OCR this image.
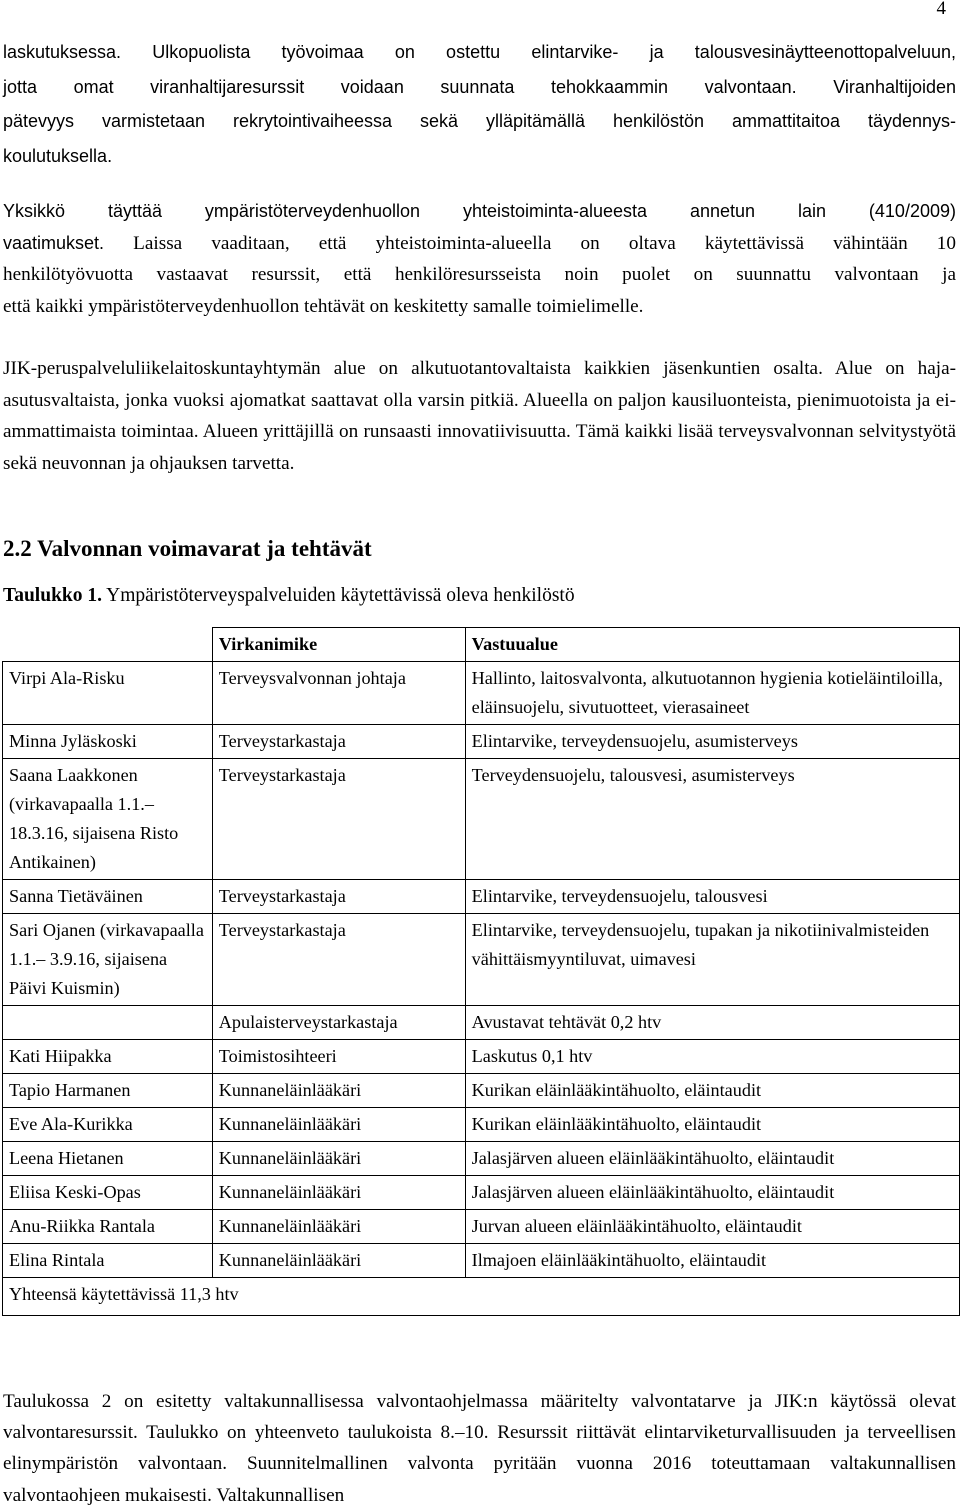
4
laskutuksessa. Ulkopuolista työvoimaa on ostettu elintarvike- ja talousvesinäytteenottopalveluun,
jotta omat viranhaltijaresurssit voidaan suunnata tehokkaammin valvontaan. Viranhaltijoiden
pätevyys varmistetaan rekrytointivaiheessa sekä ylläpitämällä henkilöstön ammattitaitoa täydennys-
koulutuksella.
Yksikkö täyttää ympäristöterveydenhuollon yhteistoiminta-alueesta annetun lain (410/2009)
vaatimukset. Laissa vaaditaan, että yhteistoiminta-alueella on oltava käytettävissä vähintään 10
henkilötyövuotta vastaavat resurssit, että henkilöresursseista noin puolet on suunnattu valvontaan ja
että kaikki ympäristöterveydenhuollon tehtävät on keskitetty samalle toimielimelle.

JIK-peruspalveluliikelaitoskuntayhtymän alue on alkutuotantovaltaista kaikkien jäsenkuntien osalta. Alue on haja-asutusvaltaista, jonka vuoksi ajomatkat saattavat olla varsin pitkiä. Alueella on paljon kausiluonteista, pienimuotoista ja ei-ammattimaista toimintaa. Alueen yrittäjillä on runsaasti innovatiivisuutta. Tämä kaikki lisää terveysvalvonnan selvitystyötä sekä neuvonnan ja ohjauksen tarvetta.

2.2 Valvonnan voimavarat ja tehtävät

Taulukko 1. Ympäristöterveyspalveluiden käytettävissä oleva henkilöstö

	Virkanimike	Vastuualue
Virpi Ala-Risku	Terveysvalvonnan johtaja	Hallinto, laitosvalvonta, alkutuotannon hygienia kotieläintiloilla, eläinsuojelu, sivutuotteet, vierasaineet
Minna Jyläskoski	Terveystarkastaja	Elintarvike, terveydensuojelu, asumisterveys
Saana Laakkonen (virkavapaalla 1.1.– 18.3.16, sijaisena Risto Antikainen)	Terveystarkastaja	Terveydensuojelu, talousvesi, asumisterveys
Sanna Tietäväinen	Terveystarkastaja	Elintarvike, terveydensuojelu, talousvesi
Sari Ojanen (virkavapaalla 1.1.– 3.9.16, sijaisena Päivi Kuismin)	Terveystarkastaja	Elintarvike, terveydensuojelu, tupakan ja nikotiinivalmisteiden vähittäismyyntiluvat, uimavesi
	Apulaisterveystarkastaja	Avustavat tehtävät 0,2 htv
Kati Hiipakka	Toimistosihteeri	Laskutus 0,1 htv
Tapio Harmanen	Kunnaneläinlääkäri	Kurikan eläinlääkintähuolto, eläintaudit
Eve Ala-Kurikka	Kunnaneläinlääkäri	Kurikan eläinlääkintähuolto, eläintaudit
Leena Hietanen	Kunnaneläinlääkäri	Jalasjärven alueen eläinlääkintähuolto, eläintaudit
Eliisa Keski-Opas	Kunnaneläinlääkäri	Jalasjärven alueen eläinlääkintähuolto, eläintaudit
Anu-Riikka Rantala	Kunnaneläinlääkäri	Jurvan alueen eläinlääkintähuolto, eläintaudit
Elina Rintala	Kunnaneläinlääkäri	Ilmajoen eläinlääkintähuolto, eläintaudit
Yhteensä käytettävissä 11,3 htv		

Taulukossa 2 on esitetty valtakunnallisessa valvontaohjelmassa määritelty valvontatarve ja JIK:n käytössä olevat valvontaresurssit. Taulukko on yhteenveto taulukoista 8.–10. Resurssit riittävät elintarviketurvallisuuden ja terveellisen elinympäristön valvontaan. Suunnitelmallinen valvonta pyritään vuonna 2016 toteuttamaan valtakunnallisen valvontaohjeen mukaisesti. Valtakunnallisen
